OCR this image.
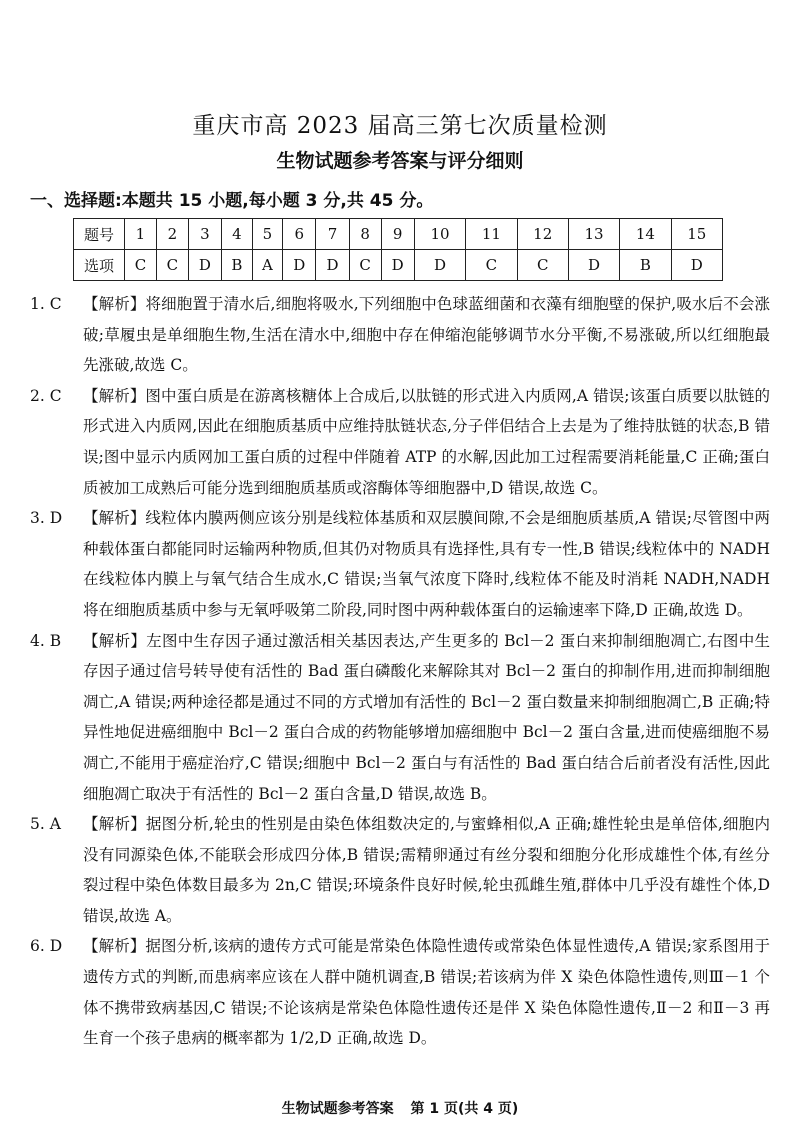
重庆市高 2023 届高三第七次质量检测
生物试题参考答案与评分细则

一、选择题:本题共 15 小题,每小题 3 分,共 45 分。

题号	1	2	3	4	5	6	7	8	9	10	11	12	13	14	15
选项	C	C	D	B	A	D	D	C	D	D	C	C	D	B	D
1. C 【解析】将细胞置于清水后,细胞将吸水,下列细胞中色球蓝细菌和衣藻有细胞壁的保护,吸水后不会涨破;草履虫是单细胞生物,生活在清水中,细胞中存在伸缩泡能够调节水分平衡,不易涨破,所以红细胞最先涨破,故选 C。
2. C 【解析】图中蛋白质是在游离核糖体上合成后,以肽链的形式进入内质网,A 错误;该蛋白质要以肽链的形式进入内质网,因此在细胞质基质中应维持肽链状态,分子伴侣结合上去是为了维持肽链的状态,B 错误;图中显示内质网加工蛋白质的过程中伴随着 ATP 的水解,因此加工过程需要消耗能量,C 正确;蛋白质被加工成熟后可能分选到细胞质基质或溶酶体等细胞器中,D 错误,故选 C。
3. D 【解析】线粒体内膜两侧应该分别是线粒体基质和双层膜间隙,不会是细胞质基质,A 错误;尽管图中两种载体蛋白都能同时运输两种物质,但其仍对物质具有选择性,具有专一性,B 错误;线粒体中的 NADH 在线粒体内膜上与氧气结合生成水,C 错误;当氧气浓度下降时,线粒体不能及时消耗 NADH,NADH 将在细胞质基质中参与无氧呼吸第二阶段,同时图中两种载体蛋白的运输速率下降,D 正确,故选 D。
4. B 【解析】左图中生存因子通过激活相关基因表达,产生更多的 Bcl－2 蛋白来抑制细胞凋亡,右图中生存因子通过信号转导使有活性的 Bad 蛋白磷酸化来解除其对 Bcl－2 蛋白的抑制作用,进而抑制细胞凋亡,A 错误;两种途径都是通过不同的方式增加有活性的 Bcl－2 蛋白数量来抑制细胞凋亡,B 正确;特异性地促进癌细胞中 Bcl－2 蛋白合成的药物能够增加癌细胞中 Bcl－2 蛋白含量,进而使癌细胞不易凋亡,不能用于癌症治疗,C 错误;细胞中 Bcl－2 蛋白与有活性的 Bad 蛋白结合后前者没有活性,因此细胞凋亡取决于有活性的 Bcl－2 蛋白含量,D 错误,故选 B。
5. A 【解析】据图分析,轮虫的性别是由染色体组数决定的,与蜜蜂相似,A 正确;雄性轮虫是单倍体,细胞内没有同源染色体,不能联会形成四分体,B 错误;需精卵通过有丝分裂和细胞分化形成雄性个体,有丝分裂过程中染色体数目最多为 2n,C 错误;环境条件良好时候,轮虫孤雌生殖,群体中几乎没有雄性个体,D 错误,故选 A。
6. D 【解析】据图分析,该病的遗传方式可能是常染色体隐性遗传或常染色体显性遗传,A 错误;家系图用于遗传方式的判断,而患病率应该在人群中随机调查,B 错误;若该病为伴 X 染色体隐性遗传,则Ⅲ－1 个体不携带致病基因,C 错误;不论该病是常染色体隐性遗传还是伴 X 染色体隐性遗传,Ⅱ－2 和Ⅱ－3 再生育一个孩子患病的概率都为 1/2,D 正确,故选 D。
生物试题参考答案 第 1 页(共 4 页)
